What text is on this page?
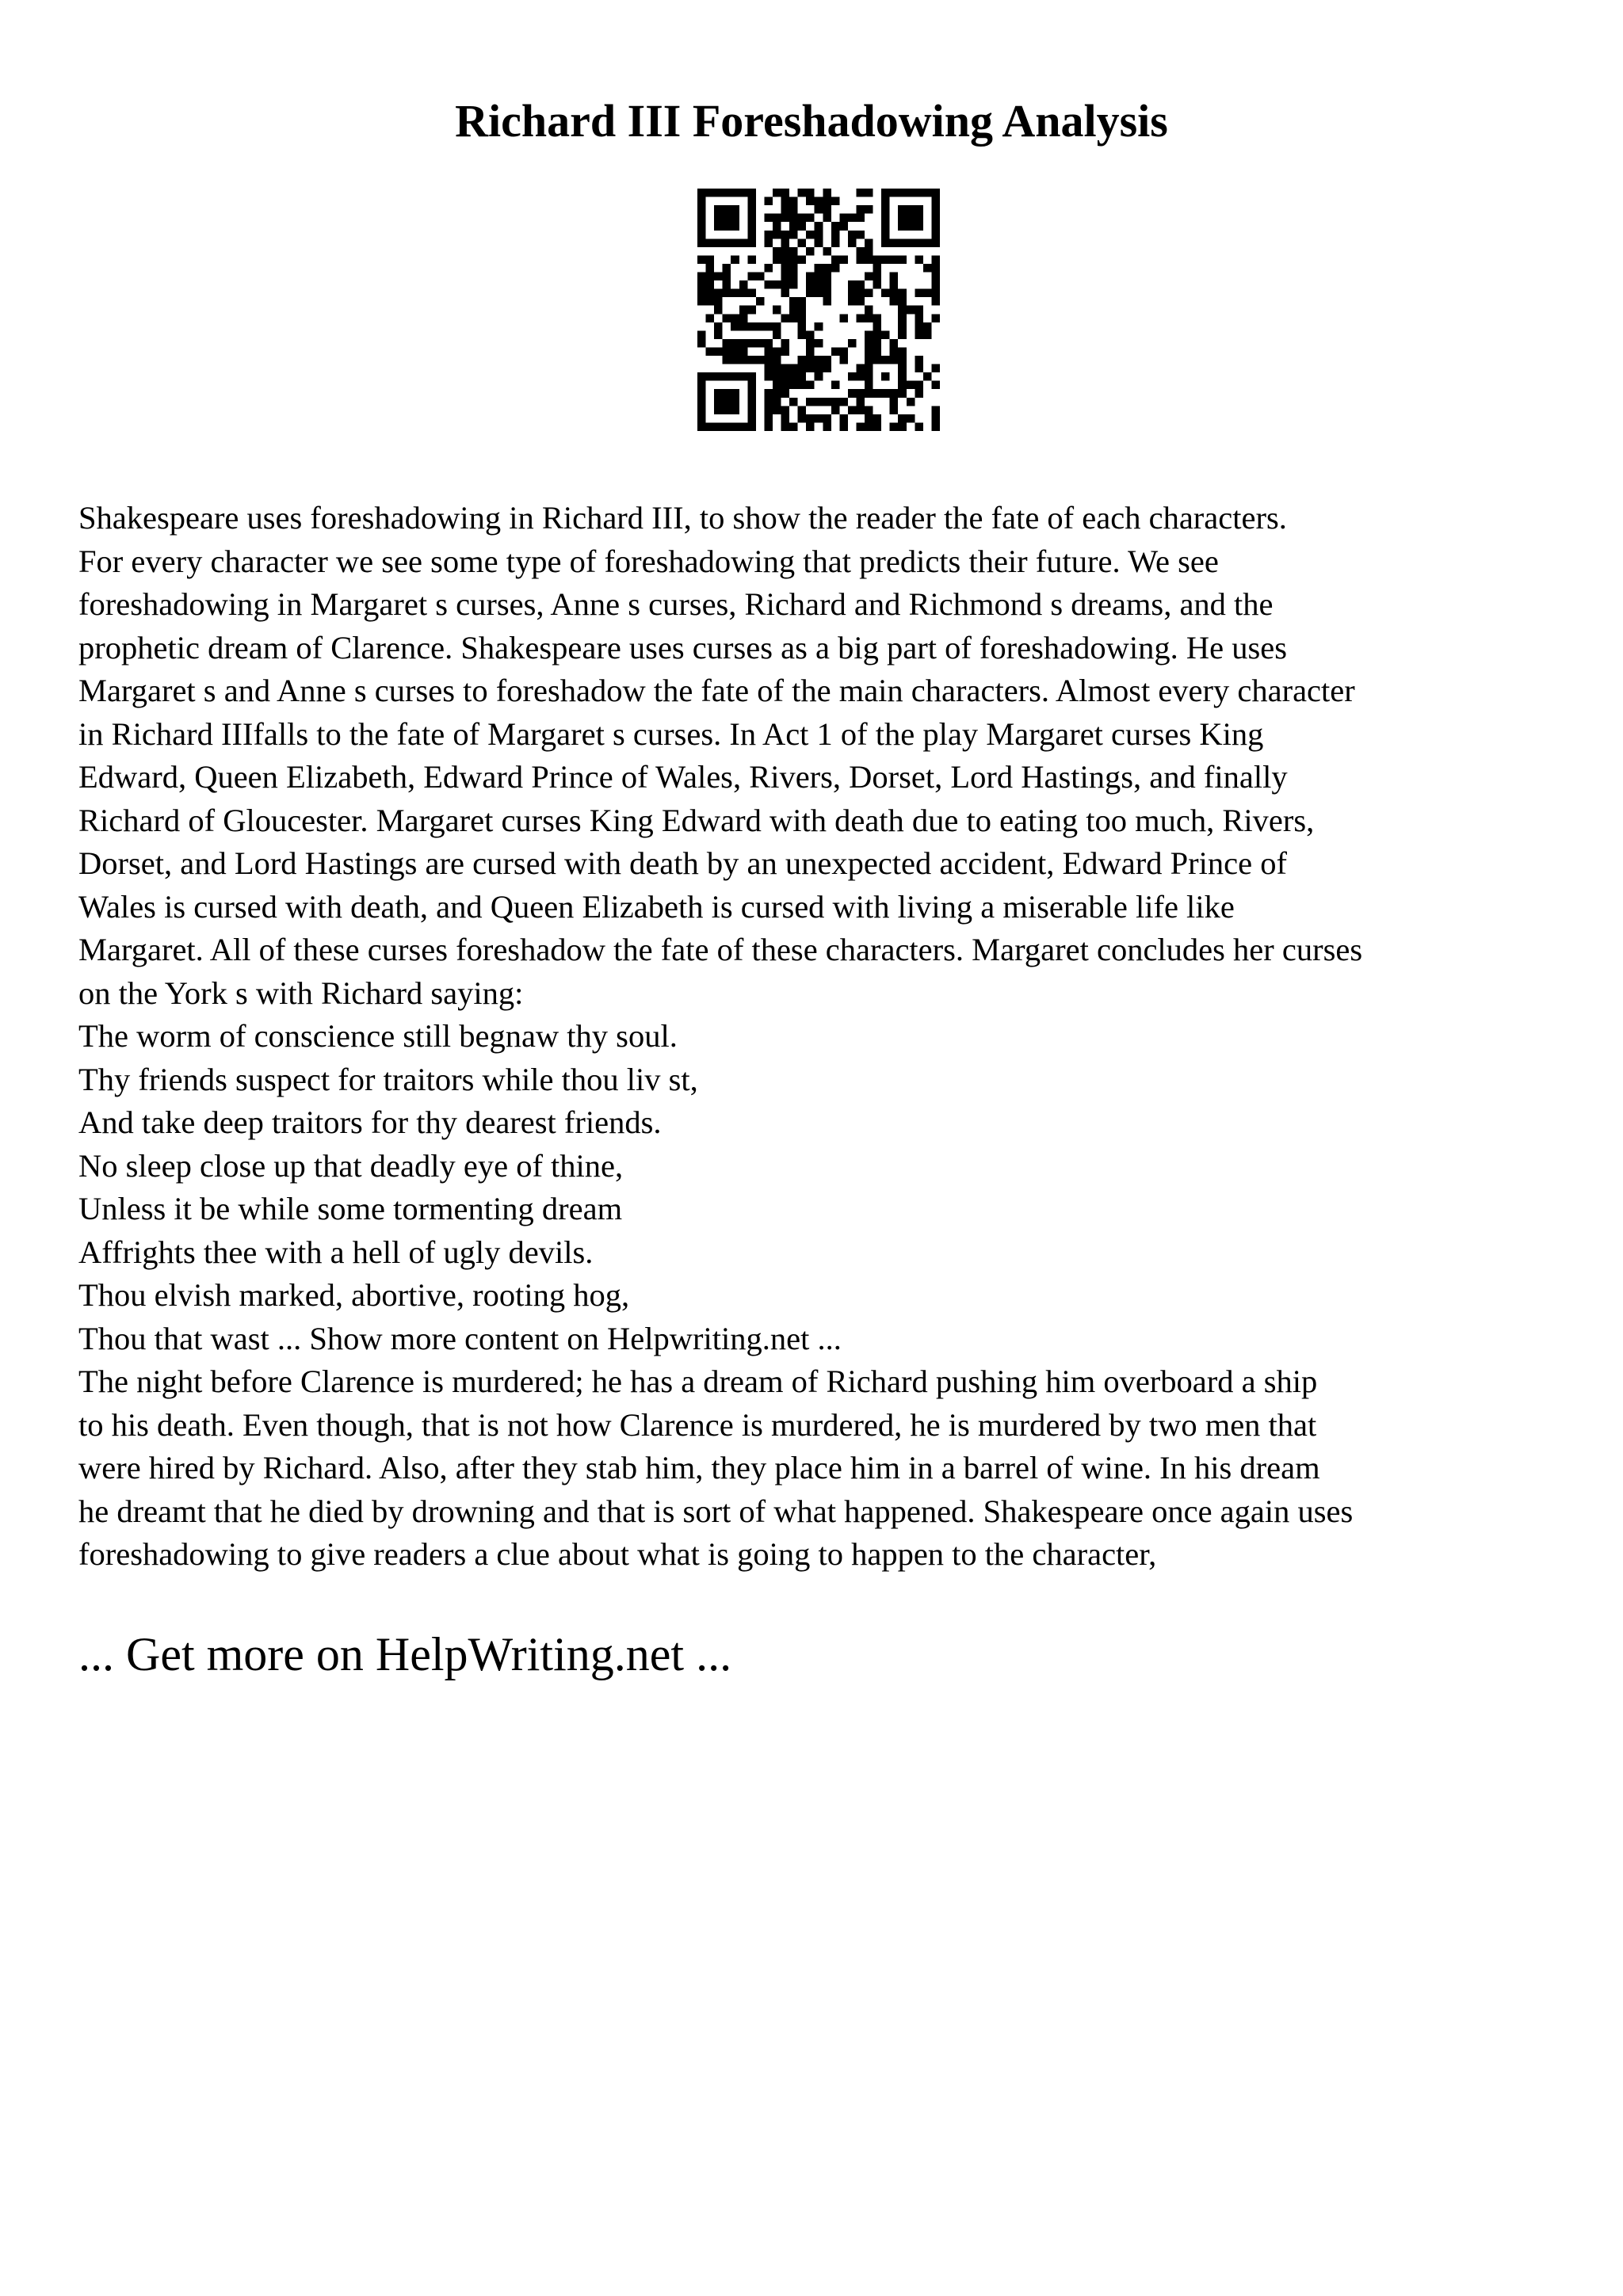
Richard III Foreshadowing Analysis
Shakespeare uses foreshadowing in Richard III, to show the reader the fate of each characters.
For every character we see some type of foreshadowing that predicts their future. We see
foreshadowing in Margaret s curses, Anne s curses, Richard and Richmond s dreams, and the
prophetic dream of Clarence. Shakespeare uses curses as a big part of foreshadowing. He uses
Margaret s and Anne s curses to foreshadow the fate of the main characters. Almost every character
in Richard IIIfalls to the fate of Margaret s curses. In Act 1 of the play Margaret curses King
Edward, Queen Elizabeth, Edward Prince of Wales, Rivers, Dorset, Lord Hastings, and finally
Richard of Gloucester. Margaret curses King Edward with death due to eating too much, Rivers,
Dorset, and Lord Hastings are cursed with death by an unexpected accident, Edward Prince of
Wales is cursed with death, and Queen Elizabeth is cursed with living a miserable life like
Margaret. All of these curses foreshadow the fate of these characters. Margaret concludes her curses
on the York s with Richard saying:
The worm of conscience still begnaw thy soul.
Thy friends suspect for traitors while thou liv st,
And take deep traitors for thy dearest friends.
No sleep close up that deadly eye of thine,
Unless it be while some tormenting dream
Affrights thee with a hell of ugly devils.
Thou elvish marked, abortive, rooting hog,
Thou that wast ... Show more content on Helpwriting.net ...
The night before Clarence is murdered; he has a dream of Richard pushing him overboard a ship
to his death. Even though, that is not how Clarence is murdered, he is murdered by two men that
were hired by Richard. Also, after they stab him, they place him in a barrel of wine. In his dream
he dreamt that he died by drowning and that is sort of what happened. Shakespeare once again uses
foreshadowing to give readers a clue about what is going to happen to the character,
... Get more on HelpWriting.net ...
